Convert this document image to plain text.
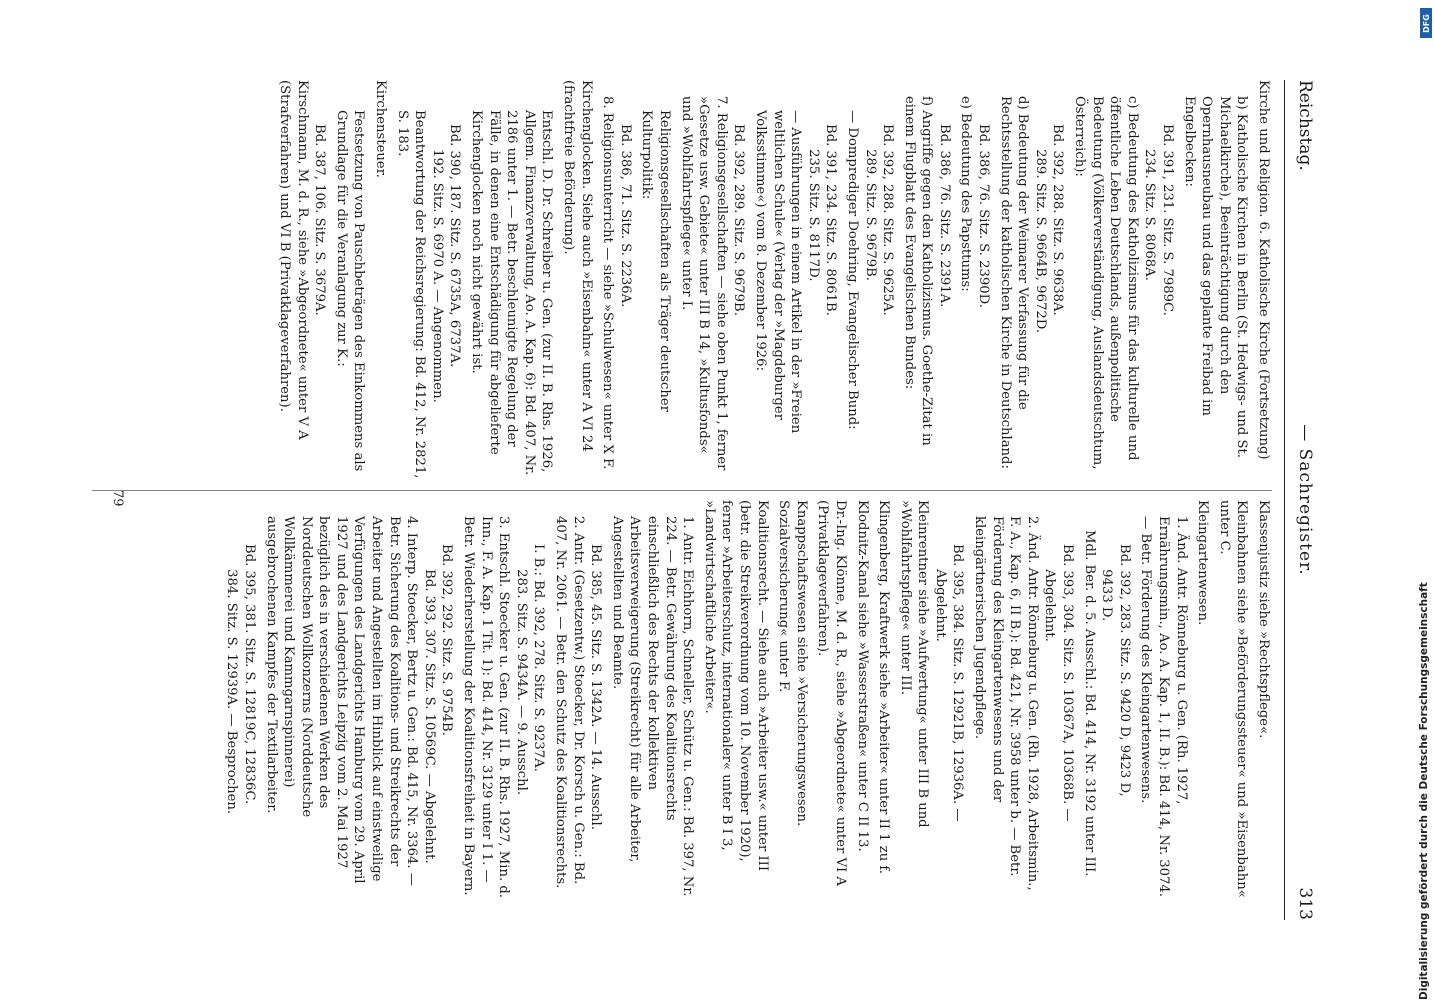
Reichstag.
— Sachregister.
313
Kirche und Religion. 6. Katholische Kirche (Fortsetzung)
b) Katholische Kirchen in Berlin (St. Hedwigs- und St. Michaelkirche), Beeinträchtigung durch den Opernhausneubau und das geplante Freibad im Engelbecken:
Bd. 391, 231. Sitz. S. 7989C.
234. Sitz. S. 8068A.
c) Bedeutung des Katholizismus für das kulturelle und öffentliche Leben Deutschlands, außenpolitische Bedeutung (Völkerverständigung, Auslandsdeutschtum, Österreich):
Bd. 392, 288. Sitz. S. 9638A.
289. Sitz. S. 9664B, 9672D.
d) Bedeutung der Weimarer Verfassung für die Rechtsstellung der katholischen Kirche in Deutschland:
Bd. 386, 76. Sitz. S. 2390D.
e) Bedeutung des Papsttums:
Bd. 386, 76. Sitz. S. 2391A.
f) Angriffe gegen den Katholizismus. Goethe-Zitat in einem Flugblatt des Evangelischen Bundes:
Bd. 392, 288. Sitz. S. 9625A.
289. Sitz. S. 9679B.
— Domprediger Doehring, Evangelischer Bund:
Bd. 391, 234. Sitz. S. 8061B.
235. Sitz. S. 8117D.
— Ausführungen in einem Artikel in der »Freien weltlichen Schule« (Verlag der »Magdeburger Volksstimme«) vom 8. Dezember 1926:
Bd. 392, 289. Sitz. S. 9679B.
7. Religionsgesellschaften — siehe oben Punkt 1, ferner »Gesetze usw. Gebiete« unter III B 14, »Kultusfonds« und »Wohlfahrtspflege« unter I.
Religionsgesellschaften als Träger deutscher Kulturpolitik:
Bd. 386, 71. Sitz. S. 2236A.
8. Religionsunterricht — siehe »Schulwesen« unter X F.
Kirchenglocken. Siehe auch »Eisenbahn« unter A VI 24 (frachtfreie Beförderung).
Entschl. D. Dr. Schreiber u. Gen. (zur II. B. Rhs. 1926, Allgem. Finanzverwaltung, Ao. A. Kap. 6): Bd. 407, Nr. 2186 unter 1. — Betr. beschleunigte Regelung der Fälle, in denen eine Entschädigung für abgelieferte Kirchenglocken noch nicht gewährt ist.
Bd. 390, 187. Sitz. S. 6735A, 6737A.
192. Sitz. S. 6970 A. — Angenommen.
Beantwortung der Reichsregierung: Bd. 412, Nr. 2821, S. 183.
Kirchensteuer.
Festsetzung von Pauschbeträgen des Einkommens als Grundlage für die Veranlagung zur K.:
Bd. 387, 106. Sitz. S. 3679A.
Kirschmann, M. d. R., siehe »Abgeordnete« unter V A (Strafverfahren) und VI B (Privatklageverfahren).
Klassenjustiz siehe »Rechtspflege«.
Kleinbahnen siehe »Beförderungssteuer« und »Eisenbahn« unter C.
Kleingartenwesen.
1. Änd. Antr. Rönneburg u. Gen. (Rh. 1927, Ernährungsmin., Ao. A. Kap. 1, II. B.): Bd. 414, Nr. 3074. — Betr. Förderung des Kleingartenwesens.
Bd. 392, 283. Sitz. S. 9420 D, 9423 D,
9433 D.
Mdl. Ber. d. 5. Ausschl.: Bd. 414, Nr. 3192 unter III.
Bd. 393, 304. Sitz. S. 10367A, 10368B. —
Abgelehnt.
2. Änd. Antr. Rönneburg u. Gen. (Rh. 1928, Arbeitsmin., F. A., Kap. 6, II B.): Bd. 421, Nr. 3958 unter b. — Betr. Förderung des Kleingartenwesens und der kleingärtnerischen Jugendpflege.
Bd. 395, 384. Sitz. S. 12921B, 12936A. —
Abgelehnt.
Kleinrentner siehe »Aufwertung« unter III B und »Wohlfahrtspflege« unter III.
Klingenberg, Kraftwerk siehe »Arbeiter« unter II 1 zu f.
Klodnitz-Kanal siehe »Wasserstraßen« unter C II 13.
Dr.-Ing. Klönne, M. d. R., siehe »Abgeordnete« unter VI A (Privatklageverfahren).
Knappschaftswesen siehe »Versicherungswesen. Sozialversicherung« unter F.
Koalitionsrecht. — Siehe auch »Arbeiter usw.« unter III (betr. die Streikverordnung vom 10. November 1920), ferner »Arbeiterschutz, internationaler« unter B I 3, »Landwirtschaftliche Arbeiter«.
1. Antr. Eichhorn, Schneller, Schütz u. Gen.: Bd. 397, Nr. 224. — Betr. Gewährung des Koalitionsrechts einschließlich des Rechts der kollektiven Arbeitsverweigerung (Streikrecht) für alle Arbeiter, Angestellten und Beamte.
Bd. 385, 45. Sitz. S. 1342A. — 14. Ausschl.
2. Antr. (Gesetzentw.) Stoecker, Dr. Korsch u. Gen.: Bd. 407, Nr. 2061. — Betr. den Schutz des Koalitionsrechts.
I. B.: Bd. 392, 278. Sitz. S. 9237A.
283. Sitz. S. 9434A. — 9. Ausschl.
3. Entschl. Stoecker u. Gen. (zur II. B. Rhs. 1927, Min. d. Inn., F. A. Kap. 1 Tit. 1): Bd. 414, Nr. 3129 unter I 1. — Betr. Wiederherstellung der Koalitionsfreiheit in Bayern.
Bd. 392, 292. Sitz. S. 9754B.
Bd. 393, 307. Sitz. S. 10569C. — Abgelehnt.
4. Interp. Stoecker, Bertz u. Gen.: Bd. 415, Nr. 3364. — Betr. Sicherung des Koalitions- und Streikrechts der Arbeiter und Angestellten im Hinblick auf einstweilige Verfügungen des Landgerichts Hamburg vom 29. April 1927 und des Landgerichts Leipzig vom 2. Mai 1927 bezüglich des in verschiedenen Werken des Norddeutschen Wollkonzerns (Norddeutsche Wollkämmerei und Kammgarnspinnerei) ausgebrochenen Kampfes der Textilarbeiter.
Bd. 395, 381. Sitz. S. 12819C, 12836C.
384. Sitz. S. 12939A. — Besprochen.
79
DFG
Digitalisierung gefördert durch die Deutsche Forschungsgemeinschaft
